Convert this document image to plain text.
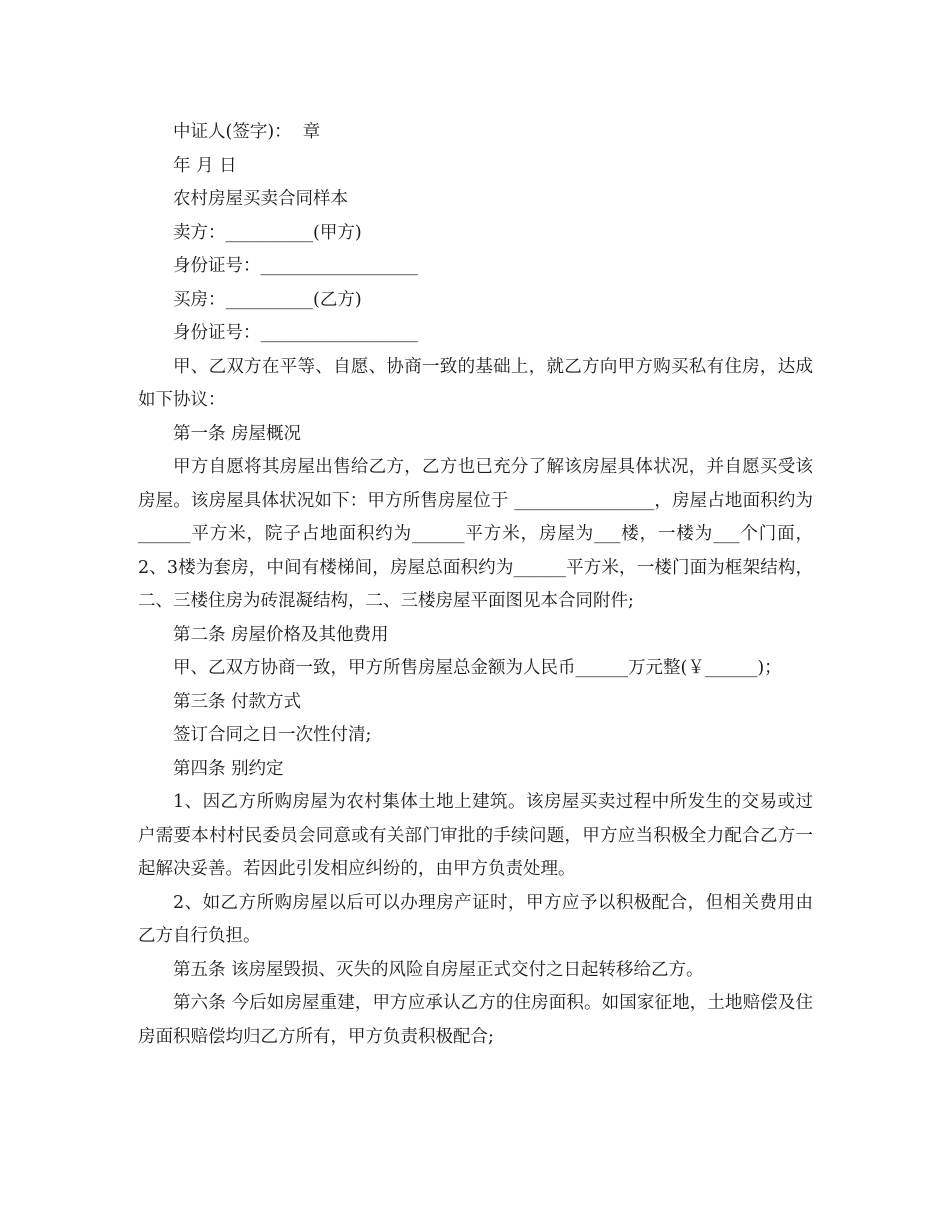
中证人(签字)：  章

年 月 日

农村房屋买卖合同样本

卖方：__________(甲方)

身份证号：__________________

买房：__________(乙方)

身份证号：__________________

甲、乙双方在平等、自愿、协商一致的基础上，就乙方向甲方购买私有住房，达成如下协议：

第一条 房屋概况

甲方自愿将其房屋出售给乙方，乙方也已充分了解该房屋具体状况，并自愿买受该房屋。该房屋具体状况如下：甲方所售房屋位于 ________________，房屋占地面积约为______平方米，院子占地面积约为______平方米，房屋为___楼，一楼为___个门面，2、3楼为套房，中间有楼梯间，房屋总面积约为______平方米，一楼门面为框架结构，二、三楼住房为砖混凝结构，二、三楼房屋平面图见本合同附件;

第二条 房屋价格及其他费用

甲、乙双方协商一致，甲方所售房屋总金额为人民币______万元整(￥______)；

第三条 付款方式

签订合同之日一次性付清;

第四条 别约定

1、因乙方所购房屋为农村集体土地上建筑。该房屋买卖过程中所发生的交易或过户需要本村村民委员会同意或有关部门审批的手续问题，甲方应当积极全力配合乙方一起解决妥善。若因此引发相应纠纷的，由甲方负责处理。

2、如乙方所购房屋以后可以办理房产证时，甲方应予以积极配合，但相关费用由乙方自行负担。

第五条 该房屋毁损、灭失的风险自房屋正式交付之日起转移给乙方。

第六条 今后如房屋重建，甲方应承认乙方的住房面积。如国家征地，土地赔偿及住房面积赔偿均归乙方所有，甲方负责积极配合;
